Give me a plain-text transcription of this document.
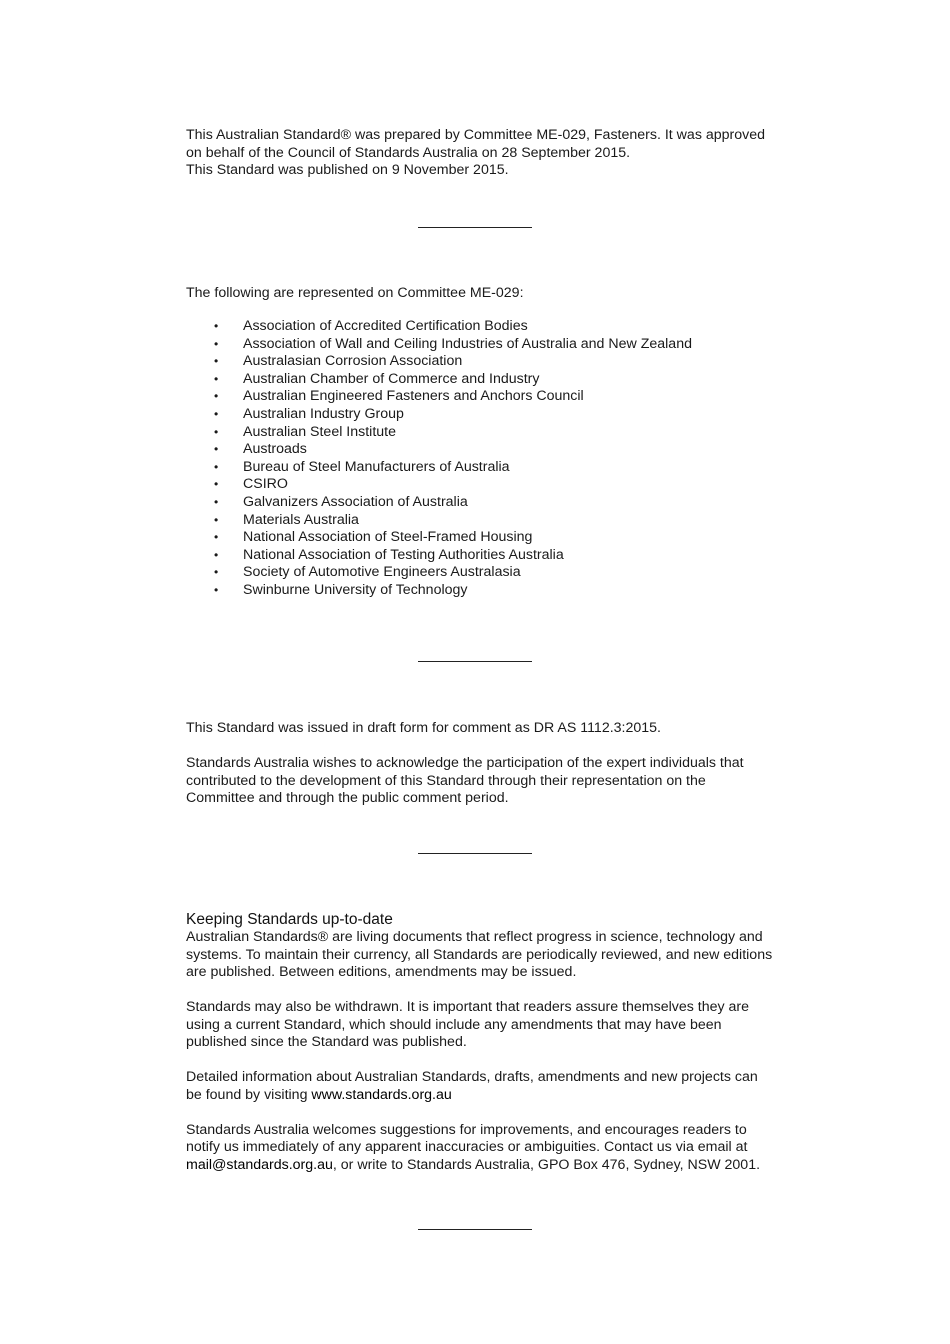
This Australian Standard® was prepared by Committee ME-029, Fasteners. It was approved

on behalf of the Council of Standards Australia on 28 September 2015.

This Standard was published on 9 November 2015.

The following are represented on Committee ME-029:

• Association of Accredited Certification Bodies
• Association of Wall and Ceiling Industries of Australia and New Zealand
• Australasian Corrosion Association
• Australian Chamber of Commerce and Industry
• Australian Engineered Fasteners and Anchors Council
• Australian Industry Group
• Australian Steel Institute
• Austroads
• Bureau of Steel Manufacturers of Australia
• CSIRO
• Galvanizers Association of Australia
• Materials Australia
• National Association of Steel-Framed Housing
• National Association of Testing Authorities Australia
• Society of Automotive Engineers Australasia
• Swinburne University of Technology

This Standard was issued in draft form for comment as DR AS 1112.3:2015.

Standards Australia wishes to acknowledge the participation of the expert individuals that

contributed to the development of this Standard through their representation on the

Committee and through the public comment period.

Keeping Standards up-to-date

Australian Standards® are living documents that reflect progress in science, technology and

systems. To maintain their currency, all Standards are periodically reviewed, and new editions

are published. Between editions, amendments may be issued.

Standards may also be withdrawn. It is important that readers assure themselves they are

using a current Standard, which should include any amendments that may have been

published since the Standard was published.

Detailed information about Australian Standards, drafts, amendments and new projects can

be found by visiting www.standards.org.au

Standards Australia welcomes suggestions for improvements, and encourages readers to

notify us immediately of any apparent inaccuracies or ambiguities. Contact us via email at

mail@standards.org.au, or write to Standards Australia, GPO Box 476, Sydney, NSW 2001.
